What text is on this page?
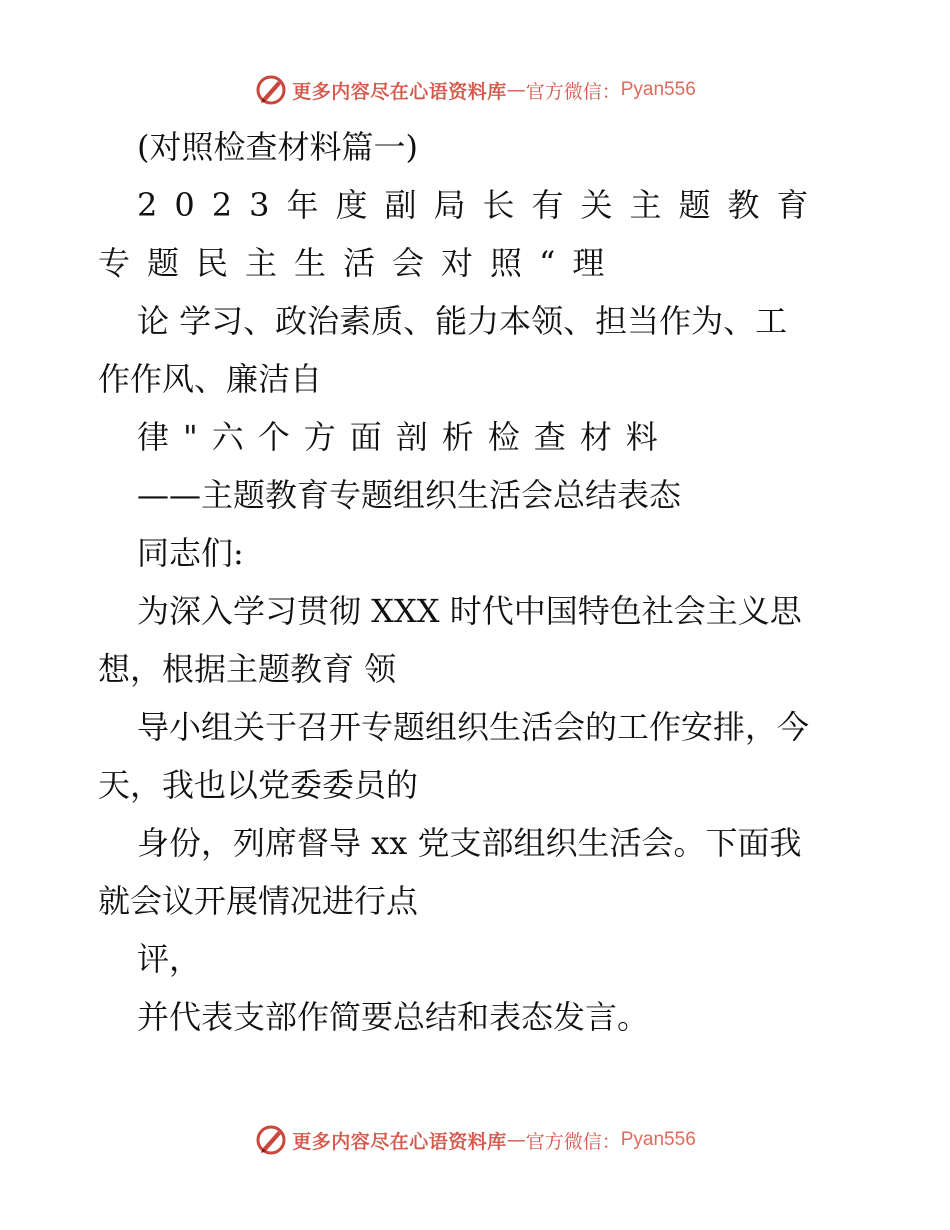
更多内容尽在心语资料库 — 官方微信： Pyan556
(对照检查材料篇一)
2023年度副局长有关主题教育
专题民主生活会对照“理
论 学习、政治素质、能力本领、担当作为、工
作作风、廉洁自
律"六个方面剖析检查材料
——主题教育专题组织生活会总结表态
同志们:
为深入学习贯彻 XXX 时代中国特色社会主义思
想，根据主题教育 领
导小组关于召开专题组织生活会的工作安排，今
天，我也以党委委员的
身份，列席督导 xx 党支部组织生活会。下面我
就会议开展情况进行点
评，
并代表支部作简要总结和表态发言。
更多内容尽在心语资料库 — 官方微信： Pyan556
